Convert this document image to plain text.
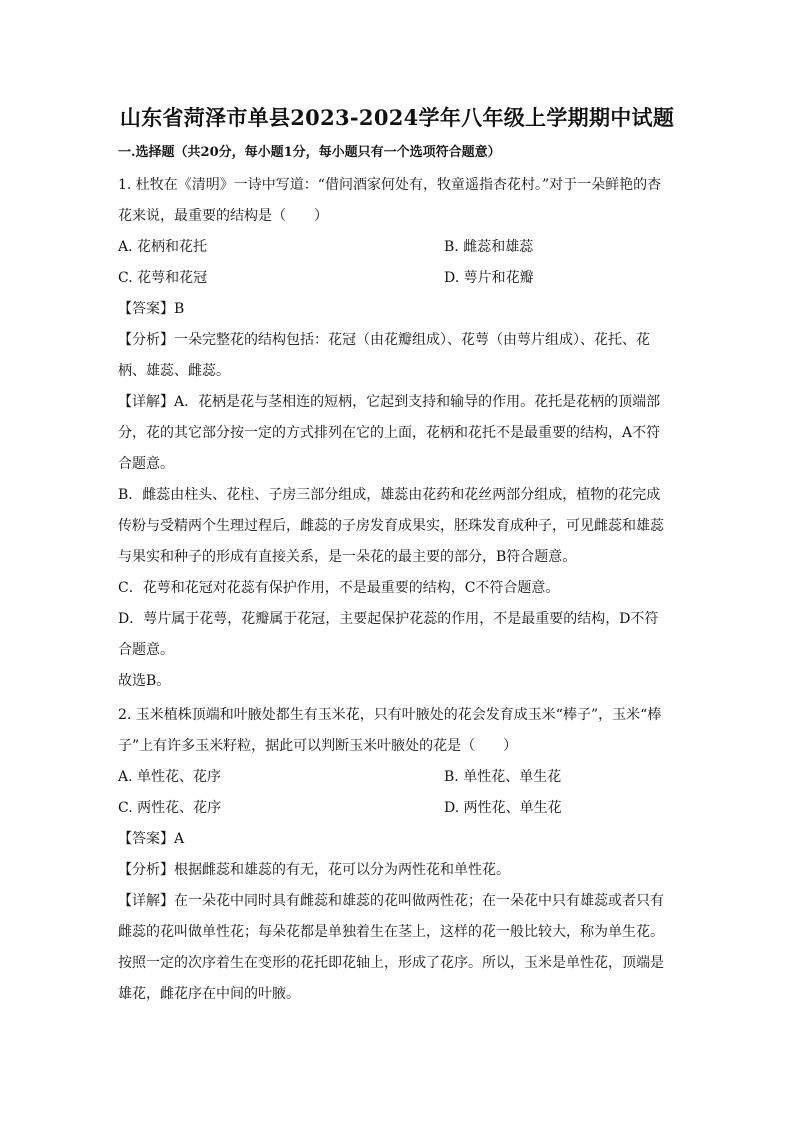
山东省菏泽市单县2023-2024学年八年级上学期期中试题
一.选择题（共20分，每小题1分，每小题只有一个选项符合题意）
1. 杜牧在《清明》一诗中写道：“借问酒家何处有，牧童遥指杏花村。”对于一朵鲜艳的杏
花来说，最重要的结构是（　　）
A. 花柄和花托	B. 雌蕊和雄蕊
C. 花萼和花冠	D. 萼片和花瓣
【答案】B
【分析】一朵完整花的结构包括：花冠（由花瓣组成）、花萼（由萼片组成）、花托、花
柄、雄蕊、雌蕊。
【详解】A．花柄是花与茎相连的短柄，它起到支持和输导的作用。花托是花柄的顶端部
分，花的其它部分按一定的方式排列在它的上面，花柄和花托不是最重要的结构，A不符
合题意。
B．雌蕊由柱头、花柱、子房三部分组成，雄蕊由花药和花丝两部分组成，植物的花完成
传粉与受精两个生理过程后，雌蕊的子房发育成果实，胚珠发育成种子，可见雌蕊和雄蕊
与果实和种子的形成有直接关系，是一朵花的最主要的部分，B符合题意。
C．花萼和花冠对花蕊有保护作用，不是最重要的结构，C不符合题意。
D．萼片属于花萼，花瓣属于花冠，主要起保护花蕊的作用，不是最重要的结构，D不符
合题意。
故选B。
2. 玉米植株顶端和叶腋处都生有玉米花，只有叶腋处的花会发育成玉米“棒子”，玉米“棒
子”上有许多玉米籽粒，据此可以判断玉米叶腋处的花是（　　）
A. 单性花、花序	B. 单性花、单生花
C. 两性花、花序	D. 两性花、单生花
【答案】A
【分析】根据雌蕊和雄蕊的有无，花可以分为两性花和单性花。
【详解】在一朵花中同时具有雌蕊和雄蕊的花叫做两性花；在一朵花中只有雄蕊或者只有
雌蕊的花叫做单性花；每朵花都是单独着生在茎上，这样的花一般比较大，称为单生花。
按照一定的次序着生在变形的花托即花轴上，形成了花序。所以，玉米是单性花，顶端是
雄花，雌花序在中间的叶腋。
